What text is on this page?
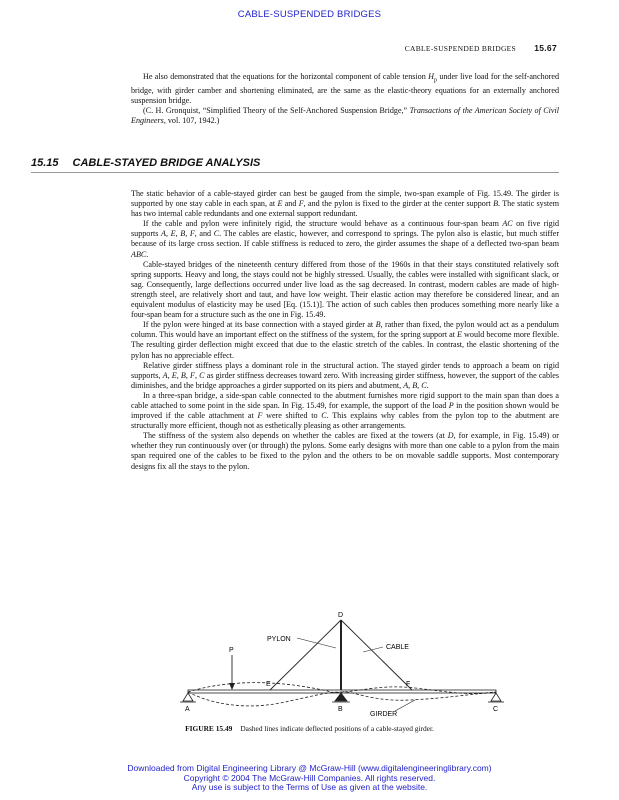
CABLE-SUSPENDED BRIDGES
CABLE-SUSPENDED BRIDGES 15.67

He also demonstrated that the equations for the horizontal component of cable tension $H_p$ under live load for the self-anchored bridge, with girder camber and shortening eliminated, are the same as the elastic-theory equations for an externally anchored suspension bridge.

(C. H. Gronquist, “Simplified Theory of the Self-Anchored Suspension Bridge,” Transactions of the American Society of Civil Engineers, vol. 107, 1942.)

15.15 CABLE-STAYED BRIDGE ANALYSIS

The static behavior of a cable-stayed girder can best be gauged from the simple, two-span example of Fig. 15.49. The girder is supported by one stay cable in each span, at E and F, and the pylon is fixed to the girder at the center support B. The static system has two internal cable redundants and one external support redundant.

If the cable and pylon were infinitely rigid, the structure would behave as a continuous four-span beam AC on five rigid supports A, E, B, F, and C. The cables are elastic, however, and correspond to springs. The pylon also is elastic, but much stiffer because of its large cross section. If cable stiffness is reduced to zero, the girder assumes the shape of a deflected two-span beam ABC.

Cable-stayed bridges of the nineteenth century differed from those of the 1960s in that their stays constituted relatively soft spring supports. Heavy and long, the stays could not be highly stressed. Usually, the cables were installed with significant slack, or sag. Consequently, large deflections occurred under live load as the sag decreased. In contrast, modern cables are made of high-strength steel, are relatively short and taut, and have low weight. Their elastic action may therefore be considered linear, and an equivalent modulus of elasticity may be used [Eq. (15.1)]. The action of such cables then produces something more nearly like a four-span beam for a structure such as the one in Fig. 15.49.

If the pylon were hinged at its base connection with a stayed girder at B, rather than fixed, the pylon would act as a pendulum column. This would have an important effect on the stiffness of the system, for the spring support at E would become more flexible. The resulting girder deflection might exceed that due to the elastic stretch of the cables. In contrast, the elastic shortening of the pylon has no appreciable effect.

Relative girder stiffness plays a dominant role in the structural action. The stayed girder tends to approach a beam on rigid supports, A, E, B, F, C as girder stiffness decreases toward zero. With increasing girder stiffness, however, the support of the cables diminishes, and the bridge approaches a girder supported on its piers and abutment, A, B, C.

In a three-span bridge, a side-span cable connected to the abutment furnishes more rigid support to the main span than does a cable attached to some point in the side span. In Fig. 15.49, for example, the support of the load P in the position shown would be improved if the cable attachment at F were shifted to C. This explains why cables from the pylon top to the abutment are structurally more efficient, though not as esthetically pleasing as other arrangements.

The stiffness of the system also depends on whether the cables are fixed at the towers (at D, for example, in Fig. 15.49) or whether they run continuously over (or through) the pylons. Some early designs with more than one cable to a pylon from the main span required one of the cables to be fixed to the pylon and the others to be on movable saddle supports. Most contemporary designs fix all the stays to the pylon.

D
PYLON
CABLE
P
E	F
A	B	C
GIRDER
FIGURE 15.49 Dashed lines indicate deflected positions of a cable-stayed girder.
Downloaded from Digital Engineering Library @ McGraw-Hill (www.digitalengineeringlibrary.com)
Copyright © 2004 The McGraw-Hill Companies. All rights reserved.
Any use is subject to the Terms of Use as given at the website.
